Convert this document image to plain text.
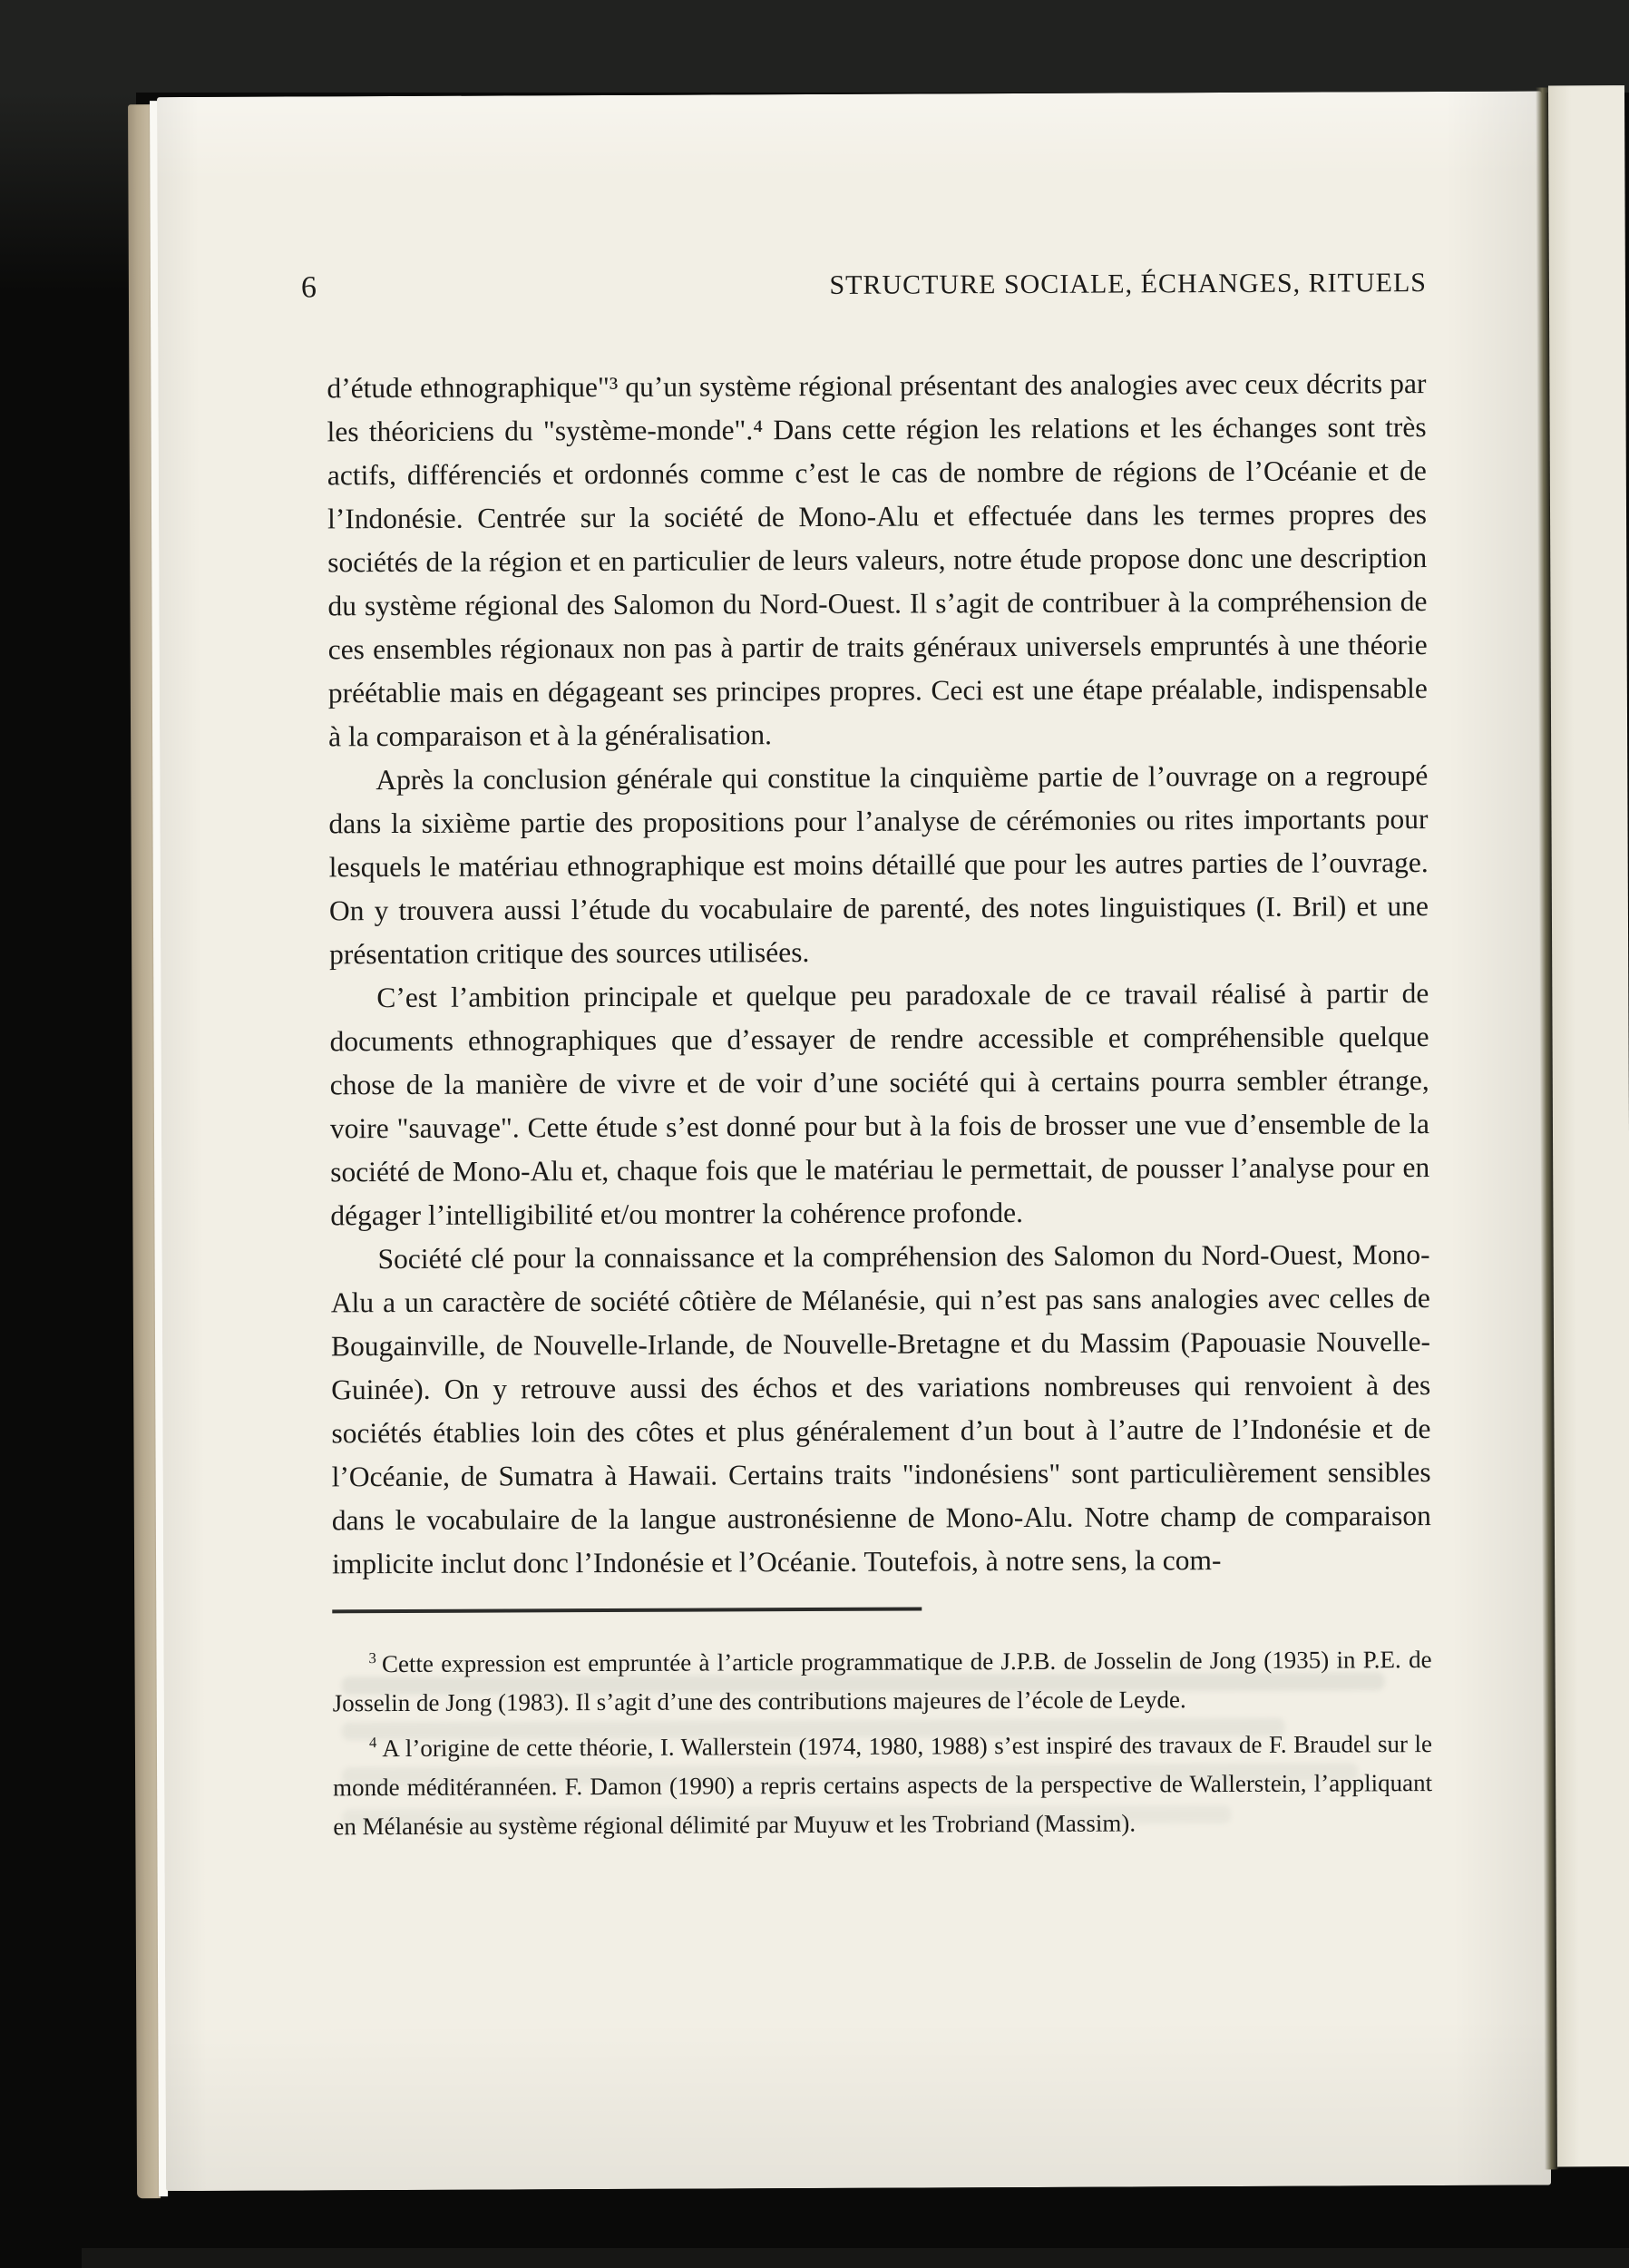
6	STRUCTURE SOCIALE, ÉCHANGES, RITUELS

d’étude ethnographique"³ qu’un système régional présentant des analogies avec ceux décrits par les théoriciens du "système-monde".⁴ Dans cette région les relations et les échanges sont très actifs, différenciés et ordonnés comme c’est le cas de nombre de régions de l’Océanie et de l’Indonésie. Centrée sur la société de Mono-Alu et effectuée dans les termes propres des sociétés de la région et en particulier de leurs valeurs, notre étude propose donc une description du système régional des Salomon du Nord-Ouest. Il s’agit de contribuer à la compréhension de ces ensembles régionaux non pas à partir de traits généraux universels empruntés à une théorie préétablie mais en dégageant ses principes propres. Ceci est une étape préalable, indispensable à la comparaison et à la généralisation.

Après la conclusion générale qui constitue la cinquième partie de l’ouvrage on a regroupé dans la sixième partie des propositions pour l’analyse de cérémonies ou rites importants pour lesquels le matériau ethnographique est moins détaillé que pour les autres parties de l’ouvrage. On y trouvera aussi l’étude du vocabulaire de parenté, des notes linguistiques (I. Bril) et une présentation critique des sources utilisées.

C’est l’ambition principale et quelque peu paradoxale de ce travail réalisé à partir de documents ethnographiques que d’essayer de rendre accessible et compréhensible quelque chose de la manière de vivre et de voir d’une société qui à certains pourra sembler étrange, voire "sauvage". Cette étude s’est donné pour but à la fois de brosser une vue d’ensemble de la société de Mono-Alu et, chaque fois que le matériau le permettait, de pousser l’analyse pour en dégager l’intelligibilité et/ou montrer la cohérence profonde.

Société clé pour la connaissance et la compréhension des Salomon du Nord-Ouest, Mono-Alu a un caractère de société côtière de Mélanésie, qui n’est pas sans analogies avec celles de Bougainville, de Nouvelle-Irlande, de Nouvelle-Bretagne et du Massim (Papouasie Nouvelle-Guinée). On y retrouve aussi des échos et des variations nombreuses qui renvoient à des sociétés établies loin des côtes et plus généralement d’un bout à l’autre de l’Indonésie et de l’Océanie, de Sumatra à Hawaii. Certains traits "indonésiens" sont particulièrement sensibles dans le vocabulaire de la langue austronésienne de Mono-Alu. Notre champ de comparaison implicite inclut donc l’Indonésie et l’Océanie. Toutefois, à notre sens, la com-

$^3$ Cette expression est empruntée à l’article programmatique de J.P.B. de Josselin de Jong (1935) in P.E. de Josselin de Jong (1983). Il s’agit d’une des contributions majeures de l’école de Leyde.

$^4$ A l’origine de cette théorie, I. Wallerstein (1974, 1980, 1988) s’est inspiré des travaux de F. Braudel sur le monde méditérannéen. F. Damon (1990) a repris certains aspects de la perspective de Wallerstein, l’appliquant en Mélanésie au système régional délimité par Muyuw et les Trobriand (Massim).
